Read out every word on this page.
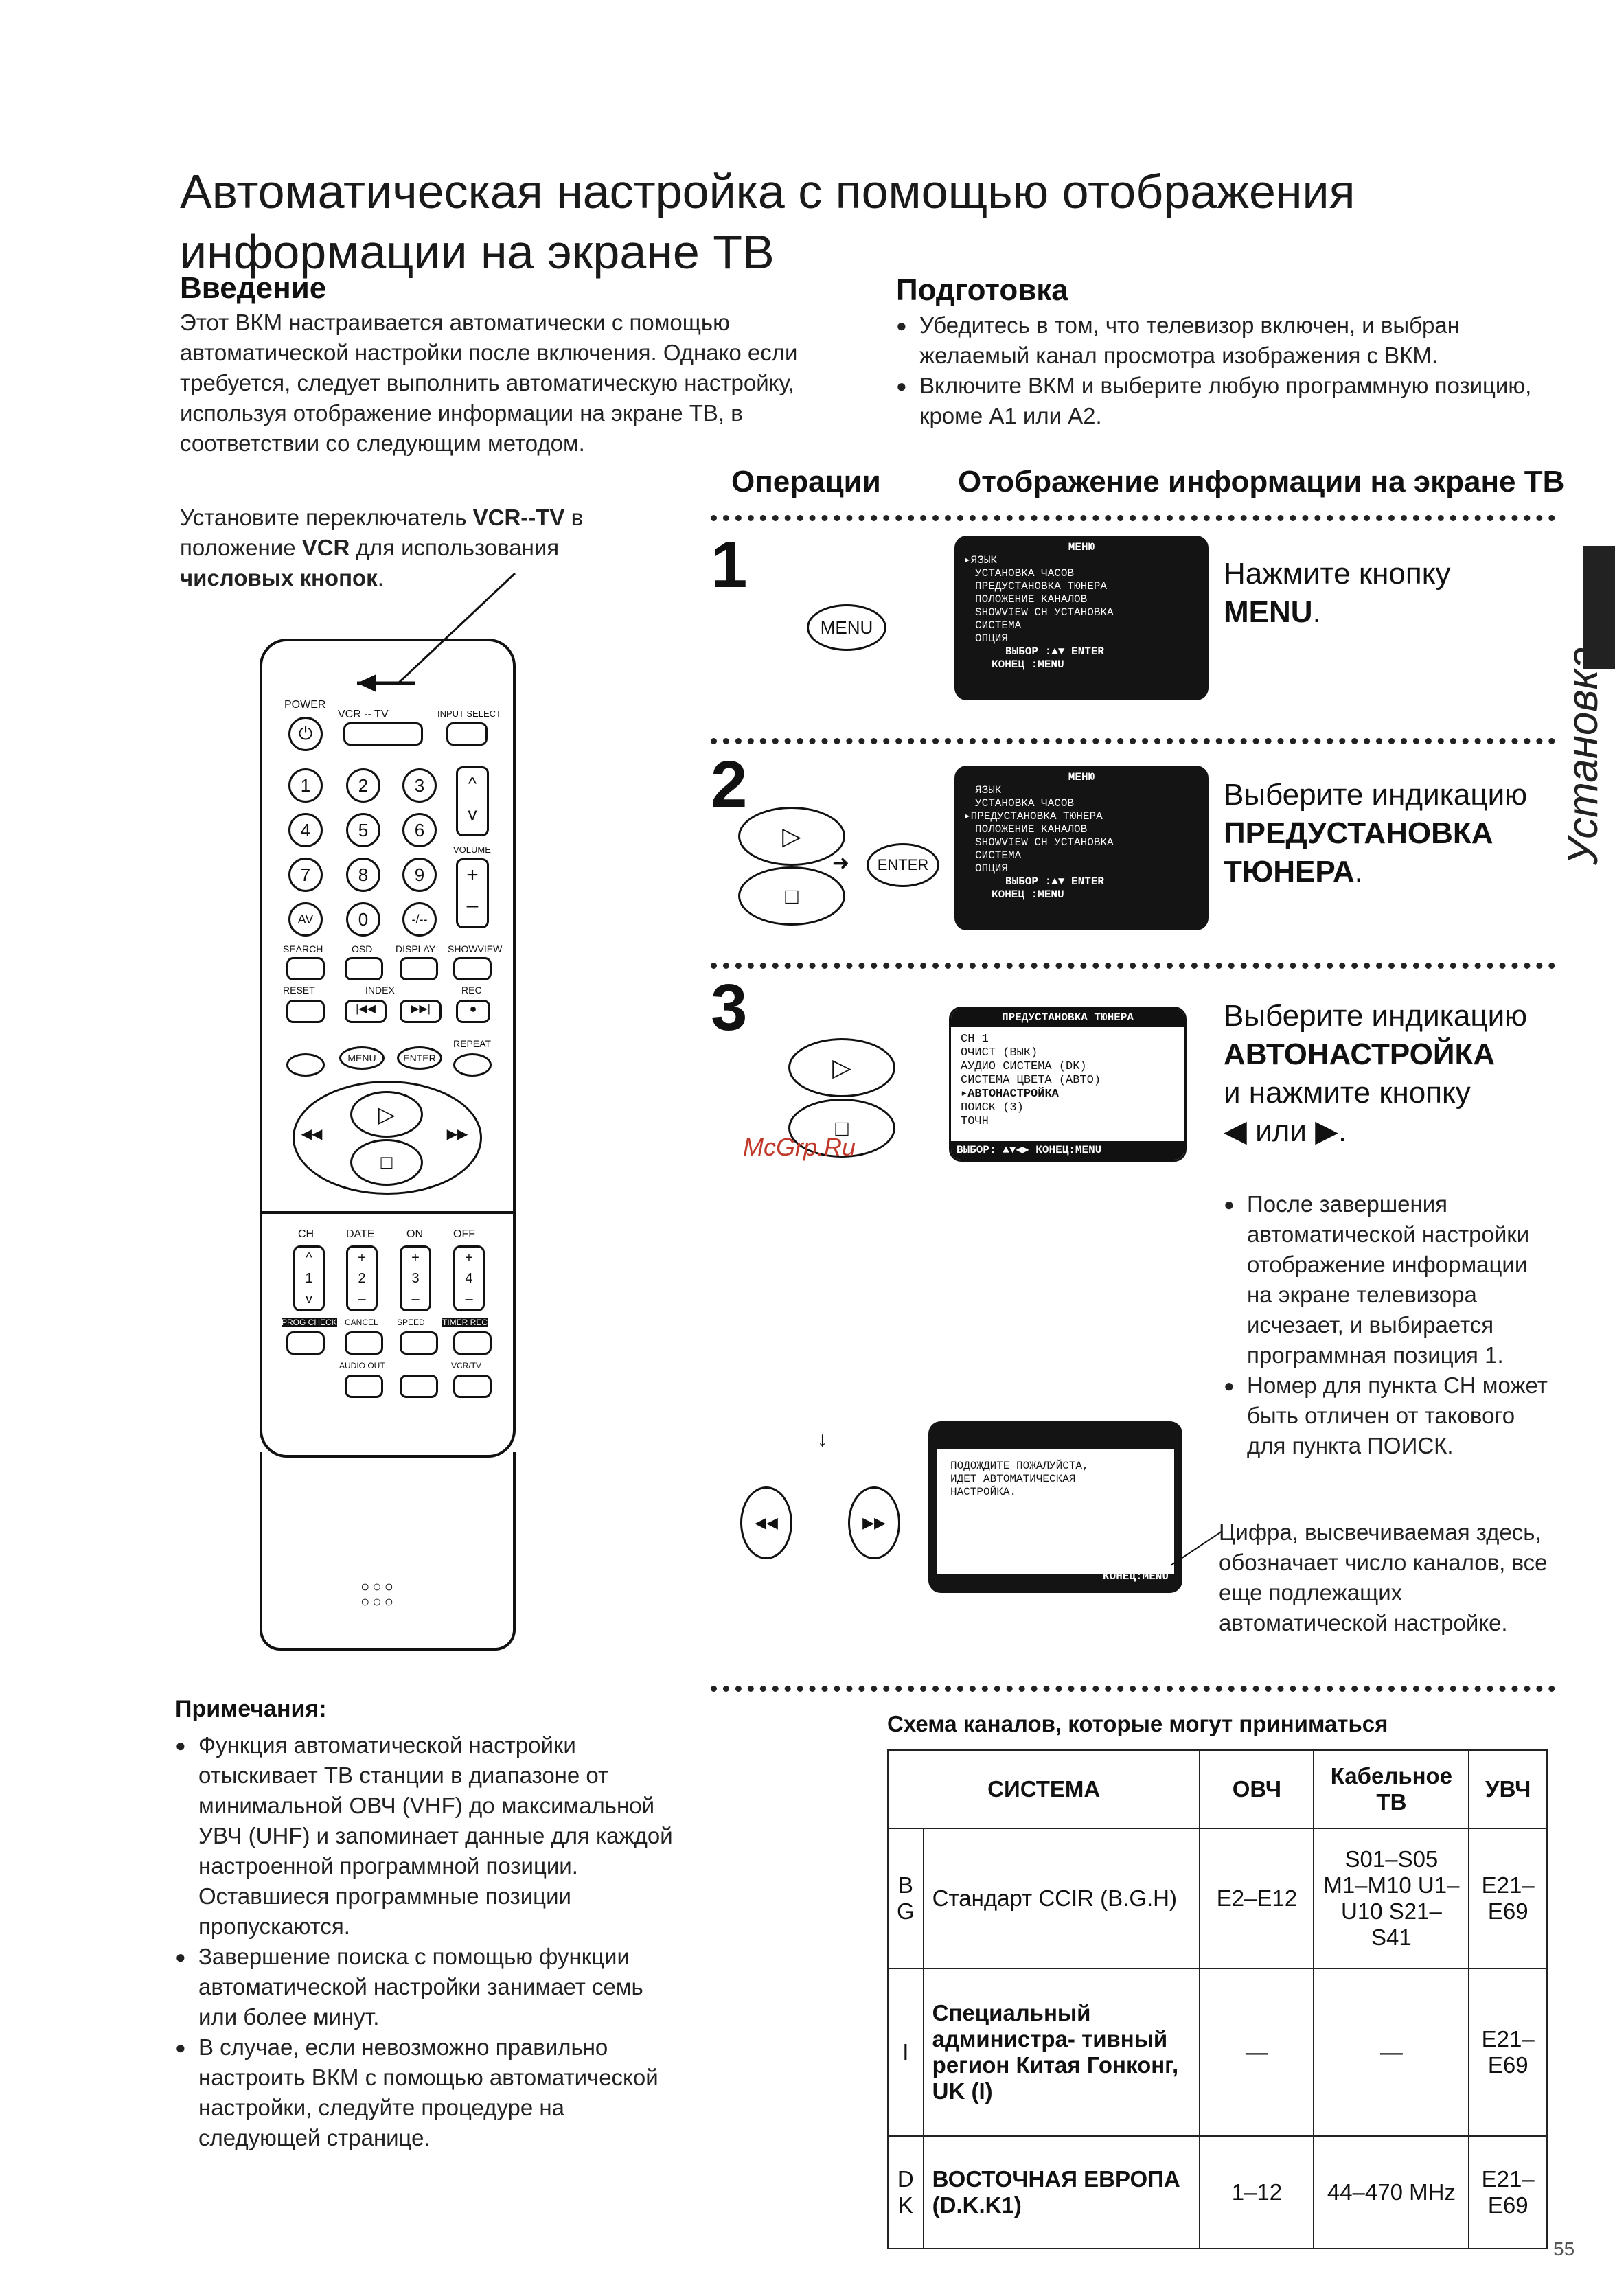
Автоматическая настройка с помощью отображения информации на экране ТВ
Введение
Этот ВКМ настраивается автоматически с помощью автоматической настройки после включения. Однако если требуется, следует выполнить автоматическую настройку, используя отображение информации на экране ТВ, в соответствии со следующим методом.
Подготовка
● Убедитесь в том, что телевизор включен, и выбран желаемый канал просмотра изображения с ВКМ.
● Включите ВКМ и выберите любую программную позицию, кроме А1 или А2.
Операции	Отображение информации на экране ТВ
Установите переключатель VCR--TV в положение VCR для использования числовых кнопок.
POWER
⏻
VCR -- TV	INPUT SELECT
1	2	3
4	5	6
7	8	9
AV	0	-/--
^
v
VOLUME
+
–
SEARCH	OSD DISPLAY SHOWVIEW
RESET	INDEX	REC
|◀◀	▶▶|	●
REPEAT
MENU	ENTER
◀◀	▶▶
▷
□
CH	DATE	ON	OFF
^
1
v
+
2
–
+
3
–
+
4
–
PROG CHECK CANCEL SPEED TIMER REC
AUDIO OUT	VCR/TV
○○○
○○○
1
MENU
МЕНЮ
▸ЯЗЫК
УСТАНОВКА ЧАСОВ
ПРЕДУСТАНОВКА ТЮНЕРА
ПОЛОЖЕНИЕ КАНАЛОВ
SHOWVIEW CH УСТАНОВКА
СИСТЕМА
ОПЦИЯ
ВЫБОР :▲▼ ENTER
КОНЕЦ :MENU
Нажмите кнопку
MENU.
2
▷
□
➜	ENTER
МЕНЮ
ЯЗЫК
УСТАНОВКА ЧАСОВ
▸ПРЕДУСТАНОВКА ТЮНЕРА
ПОЛОЖЕНИЕ КАНАЛОВ
SHOWVIEW CH УСТАНОВКА
СИСТЕМА
ОПЦИЯ
ВЫБОР :▲▼ ENTER
КОНЕЦ :MENU
Выберите индикацию
ПРЕДУСТАНОВКА ТЮНЕРА.
3
▷
□
ПРЕДУСТАНОВКА ТЮНЕРА
CH 1
ОЧИСТ (ВЫК)
АУДИО СИСТЕМА (DK)
СИСТЕМА ЦВЕТА (АВТО)
▸АВТОНАСТРОЙКА
ПОИСК (3)
ТОЧН
ВЫБОР: ▲▼◀▶ КОНЕЦ:MENU
McGrp.Ru
Выберите индикацию
АВТОНАСТРОЙКА
и нажмите кнопку
◀ или ▶.
● После завершения автоматической настройки отображение информации на экране телевизора исчезает, и выбирается программная позиция 1.
● Номер для пункта CH может быть отличен от такового для пункта ПОИСК.
↓
◀◀	▶▶
ПОДОЖДИТЕ ПОЖАЛУЙСТА,
ИДЕТ АВТОМАТИЧЕСКАЯ
НАСТРОЙКА.
CH 1 ПОИСК ◀◀ ▶▶ 100
КОНЕЦ:MENU
Цифра, высвечиваемая здесь, обозначает число каналов, все еще подлежащих автоматической настройке.
Примечания:
● Функция автоматической настройки отыскивает ТВ станции в диапазоне от минимальной ОВЧ (VHF) до максимальной УВЧ (UHF) и запоминает данные для каждой настроенной программной позиции. Оставшиеся программные позиции пропускаются.
● Завершение поиска с помощью функции автоматической настройки занимает семь или более минут.
● В случае, если невозможно правильно настроить ВКМ с помощью автоматической настройки, следуйте процедуре на следующей странице.
Схема каналов, которые могут приниматься
СИСТЕМА		ОВЧ	Кабельное ТВ	УВЧ
B G	Стандарт CCIR (B.G.H)	E2–E12	S01–S05 M1–M10 U1–U10 S21–S41	E21–E69
I	Специальный администра- тивный регион Китая Гонконг, UK (I)	—	—	E21–E69
D K	ВОСТОЧНАЯ ЕВРОПА (D.K.K1)	1–12	44–470 MHz	E21–E69
Установка
55
